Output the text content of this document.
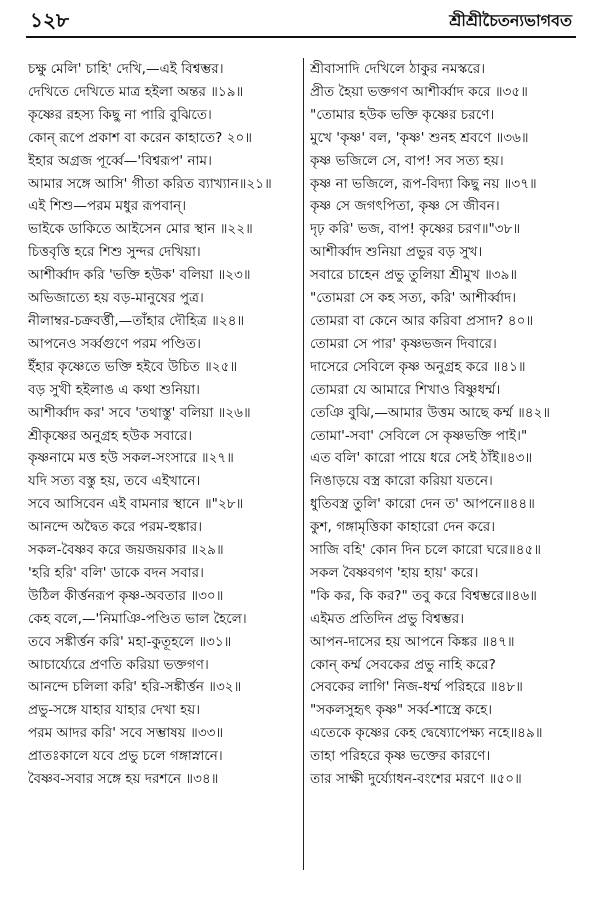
১২৮	শ্রীশ্রীচৈতন্যভাগবত
চক্ষু মেলি' চাহি' দেখি,—এই বিশ্বম্ভর।
দেখিতে দেখিতে মাত্র হইলা অন্তর ॥১৯॥
কৃষ্ণের রহস্য কিছু না পারি বুঝিতে।
কোন্‌ রূপে প্রকাশ বা করেন কাহাতে? ২০॥
ইহার অগ্রজ পূর্ব্বে—'বিশ্বরূপ' নাম।
আমার সঙ্গে আসি' গীতা করিত ব্যাখ্যান॥২১॥
এই শিশু—পরম মধুর রূপবান্‌।
ভাইকে ডাকিতে আইসেন মোর স্থান ॥২২॥
চিত্তবৃত্তি হরে শিশু সুন্দর দেখিয়া।
আশীর্ব্বাদ করি 'ভক্তি হউক' বলিয়া ॥২৩॥
অভিজাত্যে হয় বড়-মানুষের পুত্র।
নীলাম্বর-চক্রবর্ত্তী,—তাঁহার দৌহিত্র ॥২৪॥
আপনেও সর্ব্বগুণে পরম পণ্ডিত।
ইঁহার কৃষ্ণেতে ভক্তি হইবে উচিত ॥২৫॥
বড় সুখী হইলাঙ এ কথা শুনিয়া।
আশীর্ব্বাদ কর' সবে 'তথাস্তু' বলিয়া ॥২৬॥
শ্রীকৃষ্ণের অনুগ্রহ হউক সবারে।
কৃষ্ণনামে মত্ত হউ সকল-সংসারে ॥২৭॥
যদি সত্য বস্তু হয়, তবে এইখানে।
সবে আসিবেন এই বামনার স্থানে ॥"২৮॥
আনন্দে অদ্বৈত করে পরম-হুঙ্কার।
সকল-বৈষ্ণব করে জয়জয়কার ॥২৯॥
'হরি হরি' বলি' ডাকে বদন সবার।
উঠিল কীর্ত্তনরূপ কৃষ্ণ-অবতার ॥৩০॥
কেহ বলে,—'নিমাঞি-পণ্ডিত ভাল হৈলে।
তবে সঙ্কীর্ত্তন করি' মহা-কুতূহলে ॥৩১॥
আচার্য্যেরে প্রণতি করিয়া ভক্তগণ।
আনন্দে চলিলা করি' হরি-সঙ্কীর্ত্তন ॥৩২॥
প্রভু-সঙ্গে যাহার যাহার দেখা হয়।
পরম আদর করি' সবে সম্ভাষয় ॥৩৩॥
প্রাতঃকালে যবে প্রভু চলে গঙ্গাস্নানে।
বৈষ্ণব-সবার সঙ্গে হয় দরশনে ॥৩৪॥
শ্রীবাসাদি দেখিলে ঠাকুর নমস্করে।
প্রীত হৈয়া ভক্তগণ আশীর্ব্বাদ করে ॥৩৫॥
"তোমার হউক ভক্তি কৃষ্ণের চরণে।
মুখে 'কৃষ্ণ' বল, 'কৃষ্ণ' শুনহ শ্রবণে ॥৩৬॥
কৃষ্ণ ভজিলে সে, বাপ! সব সত্য হয়।
কৃষ্ণ না ভজিলে, রূপ-বিদ্যা কিছু নয় ॥৩৭॥
কৃষ্ণ সে জগৎপিতা, কৃষ্ণ সে জীবন।
দৃঢ় করি' ভজ, বাপ! কৃষ্ণের চরণ॥"৩৮॥
আশীর্ব্বাদ শুনিয়া প্রভুর বড় সুখ।
সবারে চাহেন প্রভু তুলিয়া শ্রীমুখ ॥৩৯॥
"তোমরা সে কহ সত্য, করি' আশীর্ব্বাদ।
তোমরা বা কেনে আর করিবা প্রসাদ? ৪০॥
তোমরা সে পার' কৃষ্ণভজন দিবারে।
দাসেরে সেবিলে কৃষ্ণ অনুগ্রহ করে ॥৪১॥
তোমরা যে আমারে শিখাও বিষ্ণুধর্ম্ম।
তেঞি বুঝি,—আমার উত্তম আছে কর্ম্ম ॥৪২॥
তোমা'-সবা' সেবিলে সে কৃষ্ণভক্তি পাই।"
এত বলি' কারো পায়ে ধরে সেই ঠাঁই॥৪৩॥
নিঙাড়য়ে বস্ত্র কারো করিয়া যতনে।
ধুতিবস্ত্র তুলি' কারো দেন ত' আপনে॥৪৪॥
কুশ, গঙ্গামৃত্তিকা কাহারো দেন করে।
সাজি বহি' কোন দিন চলে কারো ঘরে॥৪৫॥
সকল বৈষ্ণবগণ 'হায় হায়' করে।
"কি কর, কি কর?" তবু করে বিশ্বম্ভরে॥৪৬॥
এইমত প্রতিদিন প্রভু বিশ্বম্ভর।
আপন-দাসের হয় আপনে কিঙ্কর ॥৪৭॥
কোন্‌ কর্ম্ম সেবকের প্রভু নাহি করে?
সেবকের লাগি' নিজ-ধর্ম্ম পরিহরে ॥৪৮॥
"সকলসুহৃৎ কৃষ্ণ" সর্ব্ব-শাস্ত্রে কহে।
এতেকে কৃষ্ণের কেহ দ্বেষ্যোপেক্ষ্য নহে॥৪৯॥
তাহা পরিহরে কৃষ্ণ ভক্তের কারণে।
তার সাক্ষী দুর্য্যোধন-বংশের মরণে ॥৫০॥
